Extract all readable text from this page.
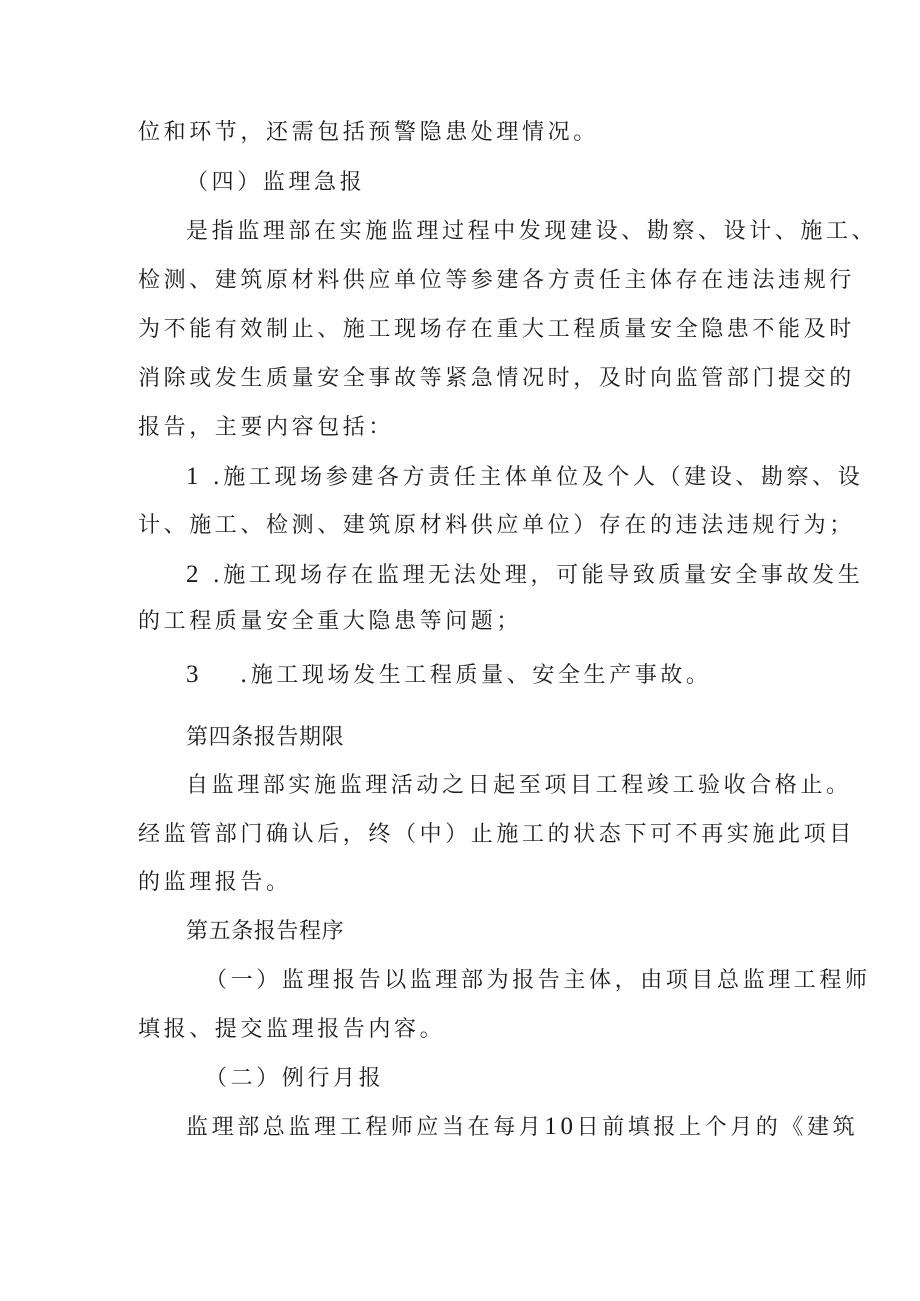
位和环节，还需包括预警隐患处理情况。
（四）监理急报
是指监理部在实施监理过程中发现建设、勘察、设计、施工、
检测、建筑原材料供应单位等参建各方责任主体存在违法违规行
为不能有效制止、施工现场存在重大工程质量安全隐患不能及时
消除或发生质量安全事故等紧急情况时，及时向监管部门提交的
报告，主要内容包括：
1 .施工现场参建各方责任主体单位及个人（建设、勘察、设
计、施工、检测、建筑原材料供应单位）存在的违法违规行为；
2 .施工现场存在监理无法处理，可能导致质量安全事故发生
的工程质量安全重大隐患等问题；
3 .施工现场发生工程质量、安全生产事故。
第四条报告期限
自监理部实施监理活动之日起至项目工程竣工验收合格止。
经监管部门确认后，终（中）止施工的状态下可不再实施此项目
的监理报告。
第五条报告程序
（一）监理报告以监理部为报告主体，由项目总监理工程师
填报、提交监理报告内容。
（二）例行月报
监理部总监理工程师应当在每月10日前填报上个月的《建筑
